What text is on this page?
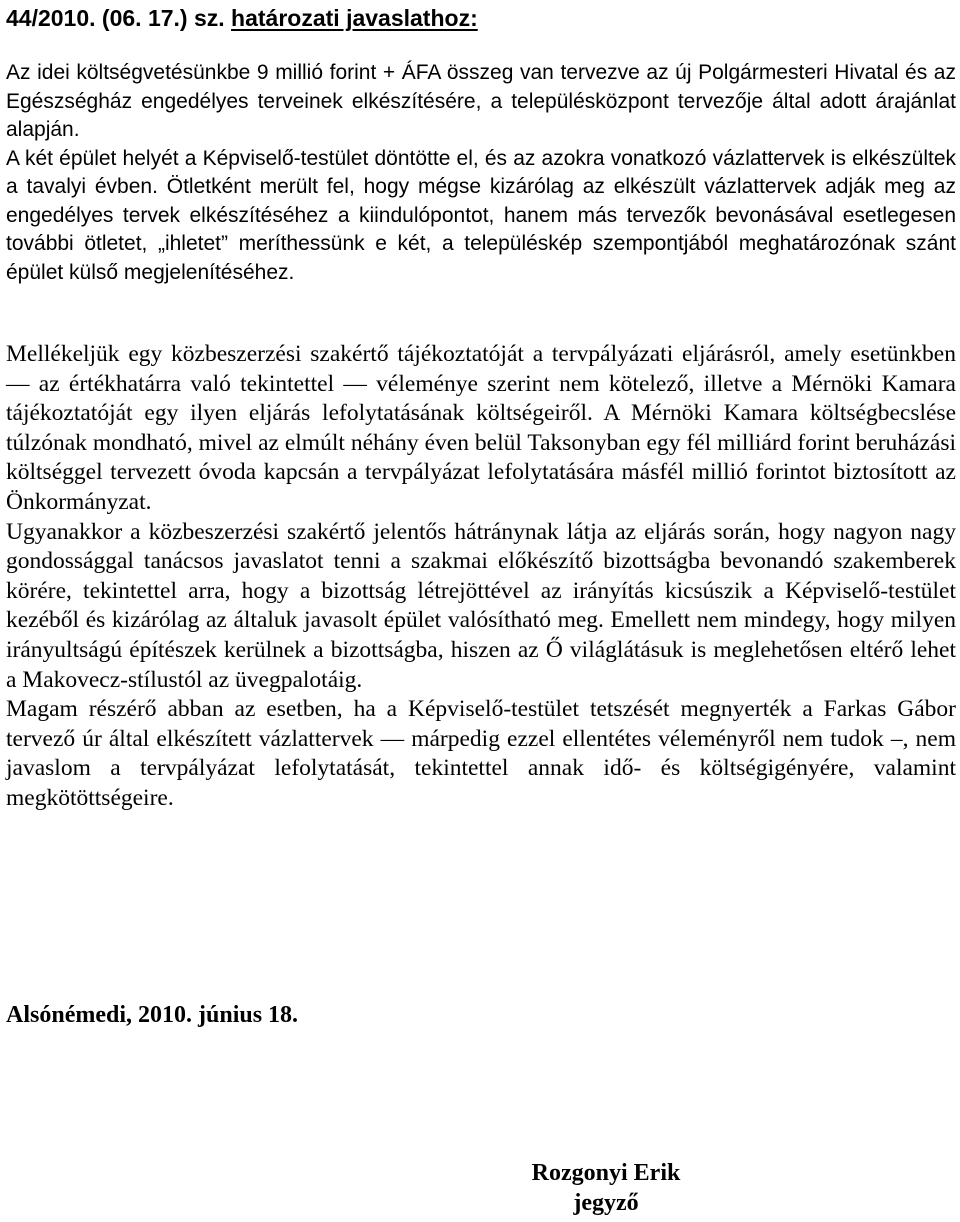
44/2010. (06. 17.) sz. határozati javaslathoz:

Az idei költségvetésünkbe 9 millió forint + ÁFA összeg van tervezve az új Polgármesteri Hivatal és az Egészségház engedélyes terveinek elkészítésére, a településközpont tervezője által adott árajánlat alapján.

A két épület helyét a Képviselő-testület döntötte el, és az azokra vonatkozó vázlattervek is elkészültek a tavalyi évben. Ötletként merült fel, hogy mégse kizárólag az elkészült vázlattervek adják meg az engedélyes tervek elkészítéséhez a kiindulópontot, hanem más tervezők bevonásával esetlegesen további ötletet, „ihletet” meríthessünk e két, a településkép szempontjából meghatározónak szánt épület külső megjelenítéséhez.

Mellékeljük egy közbeszerzési szakértő tájékoztatóját a tervpályázati eljárásról, amely esetünkben — az értékhatárra való tekintettel — véleménye szerint nem kötelező, illetve a Mérnöki Kamara tájékoztatóját egy ilyen eljárás lefolytatásának költségeiről. A Mérnöki Kamara költségbecslése túlzónak mondható, mivel az elmúlt néhány éven belül Taksonyban egy fél milliárd forint beruházási költséggel tervezett óvoda kapcsán a tervpályázat lefolytatására másfél millió forintot biztosított az Önkormányzat.

Ugyanakkor a közbeszerzési szakértő jelentős hátránynak látja az eljárás során, hogy nagyon nagy gondossággal tanácsos javaslatot tenni a szakmai előkészítő bizottságba bevonandó szakemberek körére, tekintettel arra, hogy a bizottság létrejöttével az irányítás kicsúszik a Képviselő-testület kezéből és kizárólag az általuk javasolt épület valósítható meg. Emellett nem mindegy, hogy milyen irányultságú építészek kerülnek a bizottságba, hiszen az Ő világlátásuk is meglehetősen eltérő lehet a Makovecz-stílustól az üvegpalotáig.

Magam részérő abban az esetben, ha a Képviselő-testület tetszését megnyerték a Farkas Gábor tervező úr által elkészített vázlattervek — márpedig ezzel ellentétes véleményről nem tudok –, nem javaslom a tervpályázat lefolytatását, tekintettel annak idő- és költségigényére, valamint megkötöttségeire.

Alsónémedi, 2010. június 18.
Rozgonyi Erik
jegyző
